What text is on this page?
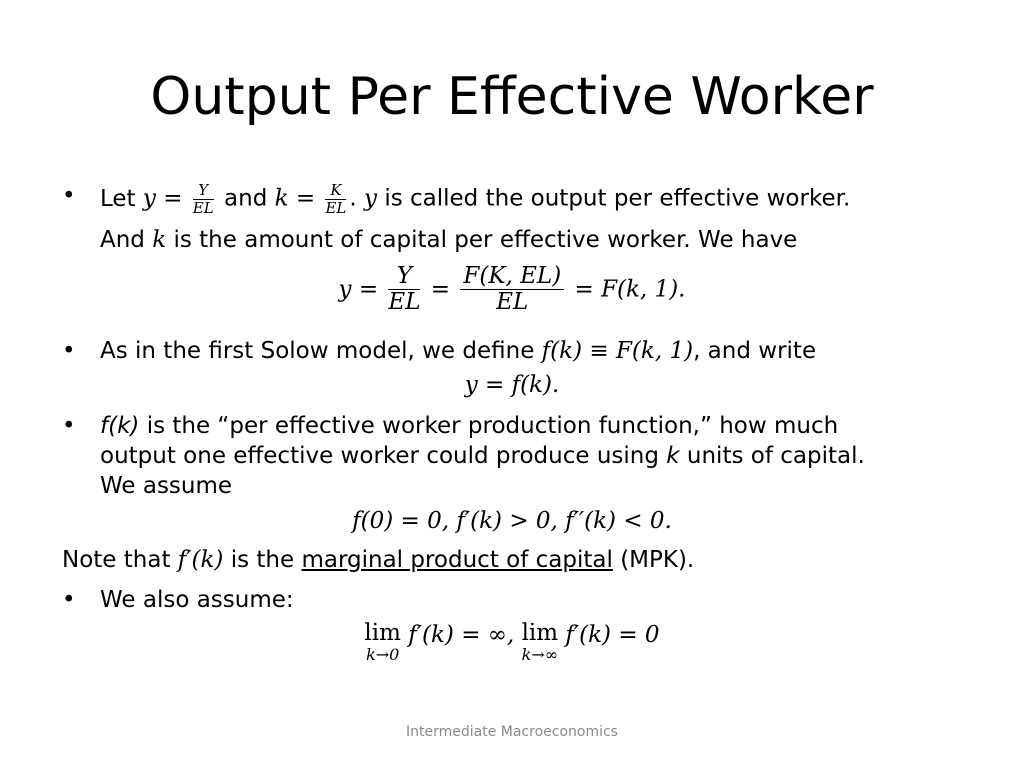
Output Per Effective Worker
•	Let $y = \frac{Y}{EL}$ and $k = \frac{K}{EL}$ . y is called the output per effective worker.
And k is the amount of capital per effective worker. We have
$y = \frac{Y}{EL} = \frac{F(K, EL)}{EL} = F(k$, 1).
•	As in the first Solow model, we define f(k) ≡ F(k, 1), and write
y = f(k).
•	f(k) is the “per effective worker production function,” how much
output one effective worker could produce using k units of capital.
We assume
f(0) = 0, f′(k) > 0, f′′(k) < 0.
Note that f′(k) is the marginal product of capital (MPK).
•	We also assume:
lim
k→0
f′(k) = ∞, lim
k→∞
f′(k) = 0
Intermediate Macroeconomics
